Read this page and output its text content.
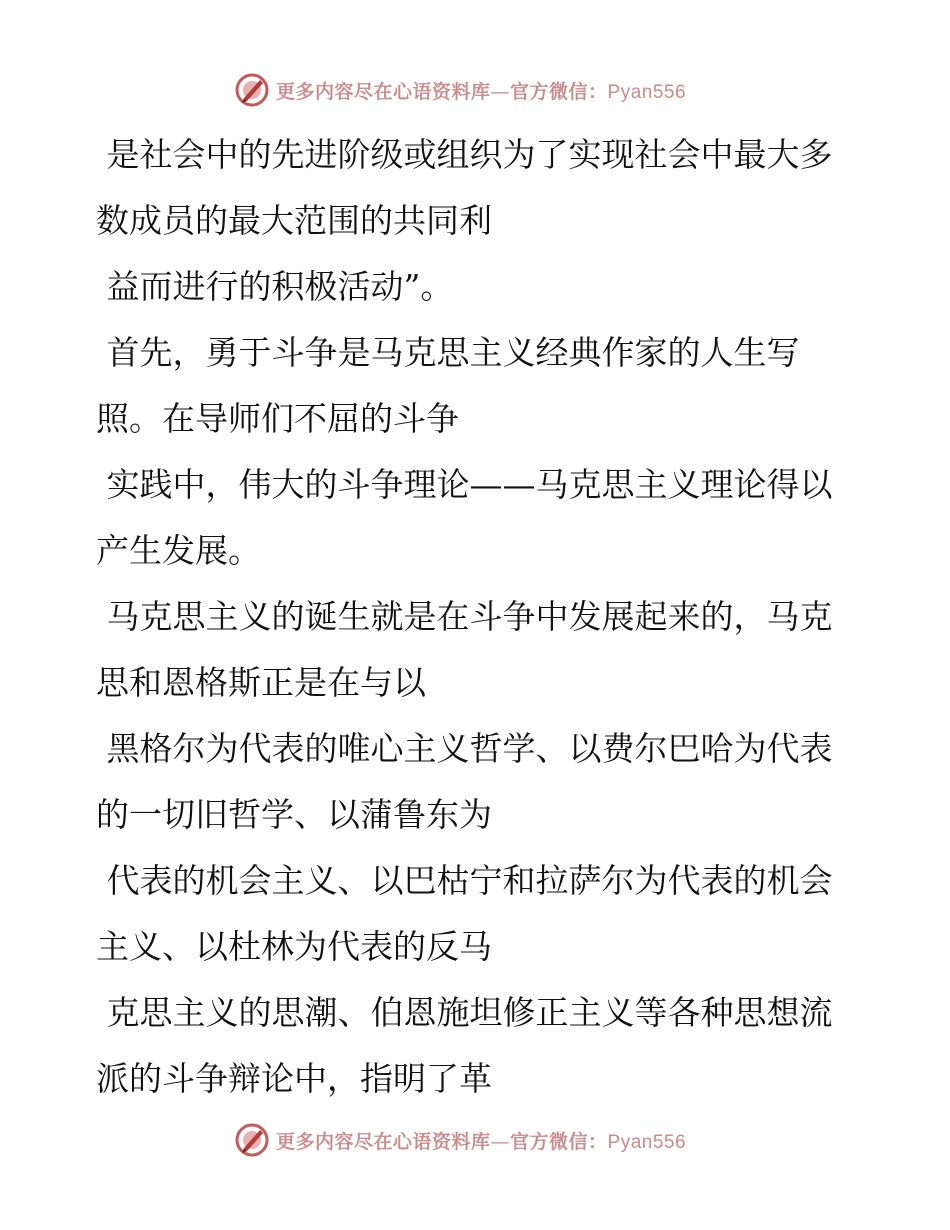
更多内容尽在心语资料库—官方微信：Pyan556

是社会中的先进阶级或组织为了实现社会中最大多数成员的最大范围的共同利

益而进行的积极活动”。

首先，勇于斗争是马克思主义经典作家的人生写照。在导师们不屈的斗争

实践中，伟大的斗争理论——马克思主义理论得以产生发展。

马克思主义的诞生就是在斗争中发展起来的，马克思和恩格斯正是在与以

黑格尔为代表的唯心主义哲学、以费尔巴哈为代表的一切旧哲学、以蒲鲁东为

代表的机会主义、以巴枯宁和拉萨尔为代表的机会主义、以杜林为代表的反马

克思主义的思潮、伯恩施坦修正主义等各种思想流派的斗争辩论中，指明了革

更多内容尽在心语资料库—官方微信：Pyan556
